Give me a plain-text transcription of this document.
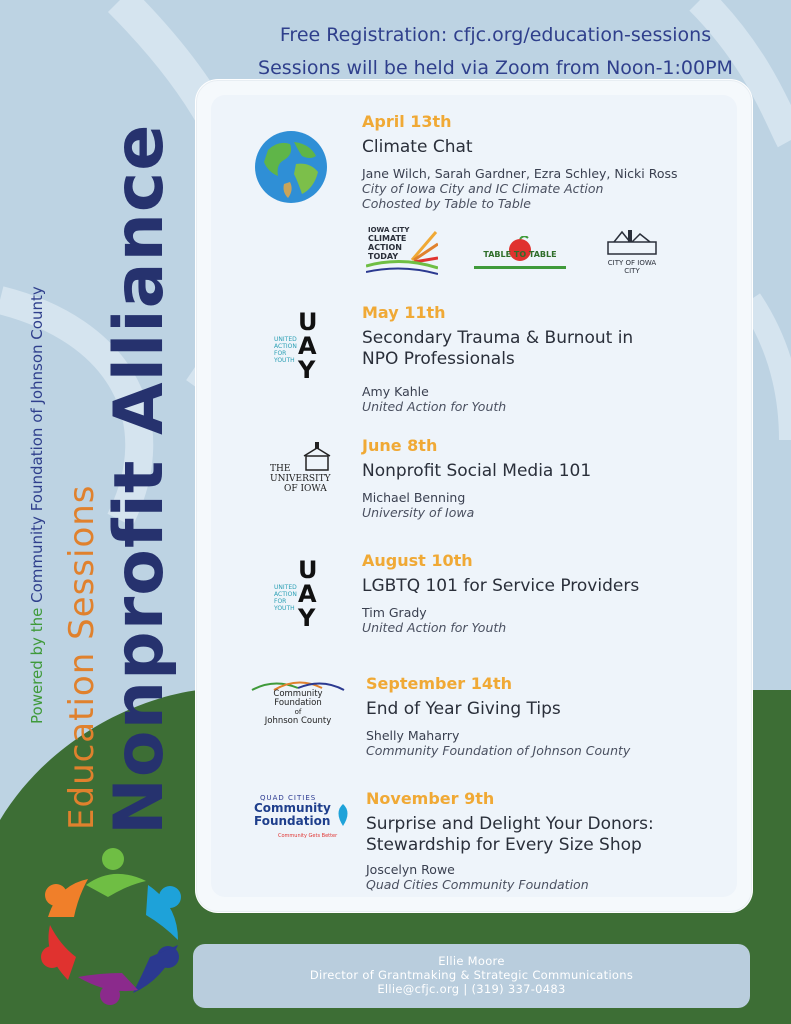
Free Registration: cfjc.org/education-sessions
Sessions will be held via Zoom from Noon-1:00PM
Powered by the Community Foundation of Johnson County
Education Sessions
Nonprofit Alliance
April 13th
Climate Chat
Jane Wilch, Sarah Gardner, Ezra Schley, Nicki Ross
City of Iowa City and IC Climate Action
Cohosted by Table to Table
IOWA CITY
CLIMATE
ACTION
TODAY	TABLE TO TABLE
CITY OF IOWA CITY
U
A
Y
UNITED
ACTION
FOR
YOUTH
May 11th
Secondary Trauma & Burnout in
NPO Professionals
Amy Kahle
United Action for Youth
THE
UNIVERSITY
OF IOWA
June 8th
Nonprofit Social Media 101
Michael Benning
University of Iowa
U
A
Y
UNITED
ACTION
FOR
YOUTH
August 10th
LGBTQ 101 for Service Providers
Tim Grady
United Action for Youth
Community
Foundation
of
Johnson County
September 14th
End of Year Giving Tips
Shelly Maharry
Community Foundation of Johnson County
QUAD CITIES
Community
Foundation
Community Gets Better
November 9th
Surprise and Delight Your Donors:
Stewardship for Every Size Shop
Joscelyn Rowe
Quad Cities Community Foundation
Ellie Moore
Director of Grantmaking & Strategic Communications
Ellie@cfjc.org | (319) 337-0483
